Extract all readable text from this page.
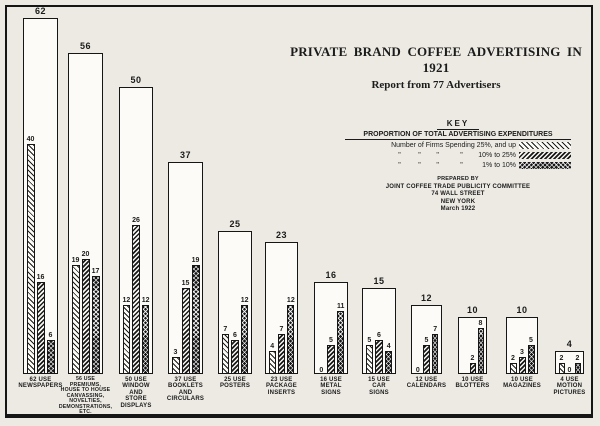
62
40
16
6
62 USE
NEWSPAPERS
56
19
20
17
56 USE
PREMIUMS,
HOUSE TO HOUSE
CANVASSING,
NOVELTIES,
DEMONSTRATIONS,
ETC.
50
12
26
12
50 USE
WINDOW
AND
STORE
DISPLAYS
37
3
15
19
37 USE
BOOKLETS
AND
CIRCULARS
25
7
6
12
25 USE
POSTERS
23
4
7
12
23 USE
PACKAGE
INSERTS
16
0
5
11
16 USE
METAL
SIGNS
15
5
6
4
15 USE
CAR
SIGNS
12
0
5
7
12 USE
CALENDARS
10
2
8
10 USE
BLOTTERS
10
2
3
5
10 USE
MAGAZINES
4
2
0
2
4 USE
MOTION
PICTURES
PRIVATE BRAND COFFEE ADVERTISING IN 1921
Report from 77 Advertisers
KEY
PROPORTION OF TOTAL ADVERTISING EXPENDITURES
Number of Firms Spending 25%, and up
"         "        "           "        10% to 25%
"         "        "           "          1% to 10%
PREPARED BY
JOINT COFFEE TRADE PUBLICITY COMMITTEE
74 WALL STREET
NEW YORK
March 1922
